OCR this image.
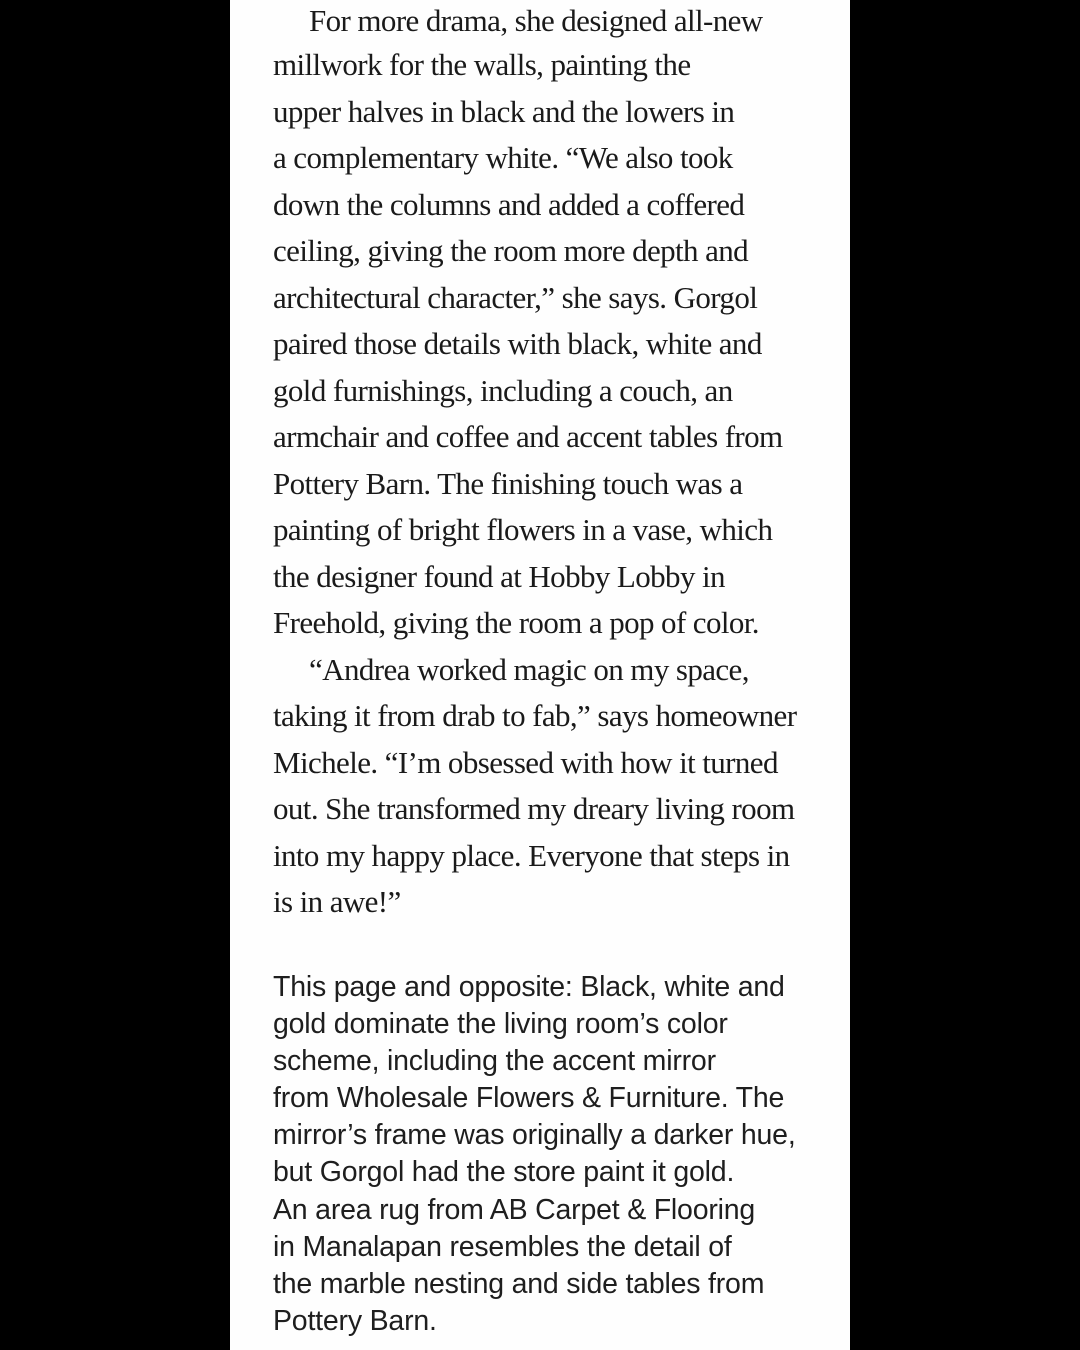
For more drama, she designed all-new
millwork for the walls, painting the
upper halves in black and the lowers in
a complementary white. “We also took
down the columns and added a coffered
ceiling, giving the room more depth and
architectural character,” she says. Gorgol
paired those details with black, white and
gold furnishings, including a couch, an
armchair and coffee and accent tables from
Pottery Barn. The finishing touch was a
painting of bright flowers in a vase, which
the designer found at Hobby Lobby in
Freehold, giving the room a pop of color.
“Andrea worked magic on my space,
taking it from drab to fab,” says homeowner
Michele. “I’m obsessed with how it turned
out. She transformed my dreary living room
into my happy place. Everyone that steps in
is in awe!”
This page and opposite: Black, white and
gold dominate the living room’s color
scheme, including the accent mirror
from Wholesale Flowers & Furniture. The
mirror’s frame was originally a darker hue,
but Gorgol had the store paint it gold.
An area rug from AB Carpet & Flooring
in Manalapan resembles the detail of
the marble nesting and side tables from
Pottery Barn.
